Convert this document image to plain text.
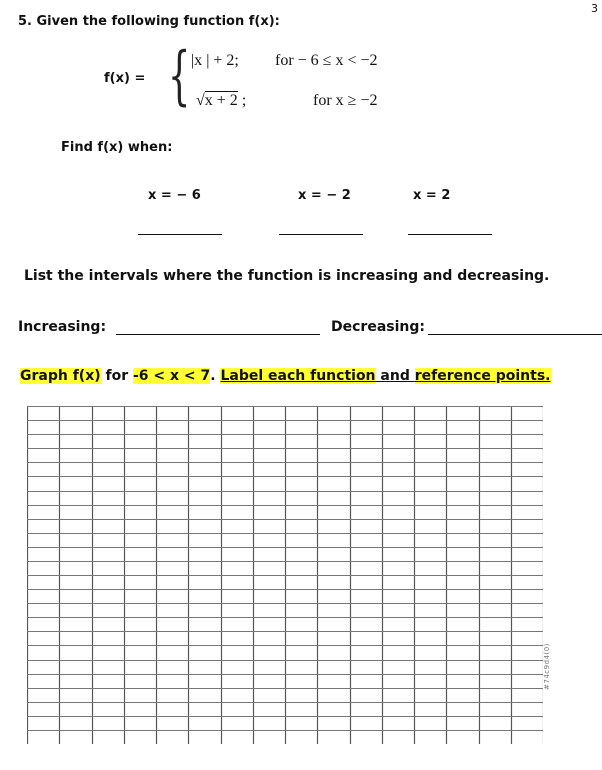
3
5. Given the following function f(x):
f(x) = { |x | + 2; for − 6 ≤ x < −2
√x + 2 ;	for x ≥ −2
Find f(x) when:
x = − 6	x = − 2	x = 2
List the intervals where the function is increasing and decreasing.
Increasing:	Decreasing:
Graph f(x) for -6 < x < 7. Label each function and reference points.
#74c9d4(0)
